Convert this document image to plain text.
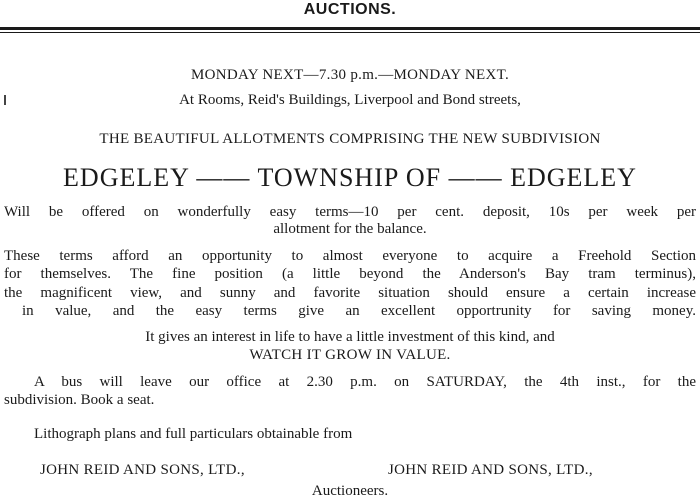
AUCTIONS.
MONDAY NEXT—7.30 p.m.—MONDAY NEXT.
At Rooms, Reid's Buildings, Liverpool and Bond streets,
THE BEAUTIFUL ALLOTMENTS COMPRISING THE NEW SUBDIVISION
EDGELEY —— TOWNSHIP OF —— EDGELEY
Will be offered on wonderfully easy terms—10 per cent. deposit, 10s per week per
allotment for the balance.
These terms afford an opportunity to almost everyone to acquire a Freehold Section
for themselves. The fine position (a little beyond the Anderson's Bay tram terminus),
the magnificent view, and sunny and favorite situation should ensure a certain increase
in value, and the easy terms give an excellent opportrunity for saving money.
It gives an interest in life to have a little investment of this kind, and
WATCH IT GROW IN VALUE.
A bus will leave our office at 2.30 p.m. on SATURDAY, the 4th inst., for the
subdivision. Book a seat.
Lithograph plans and full particulars obtainable from
JOHN REID AND SONS, LTD.,	JOHN REID AND SONS, LTD.,
Auctioneers.
